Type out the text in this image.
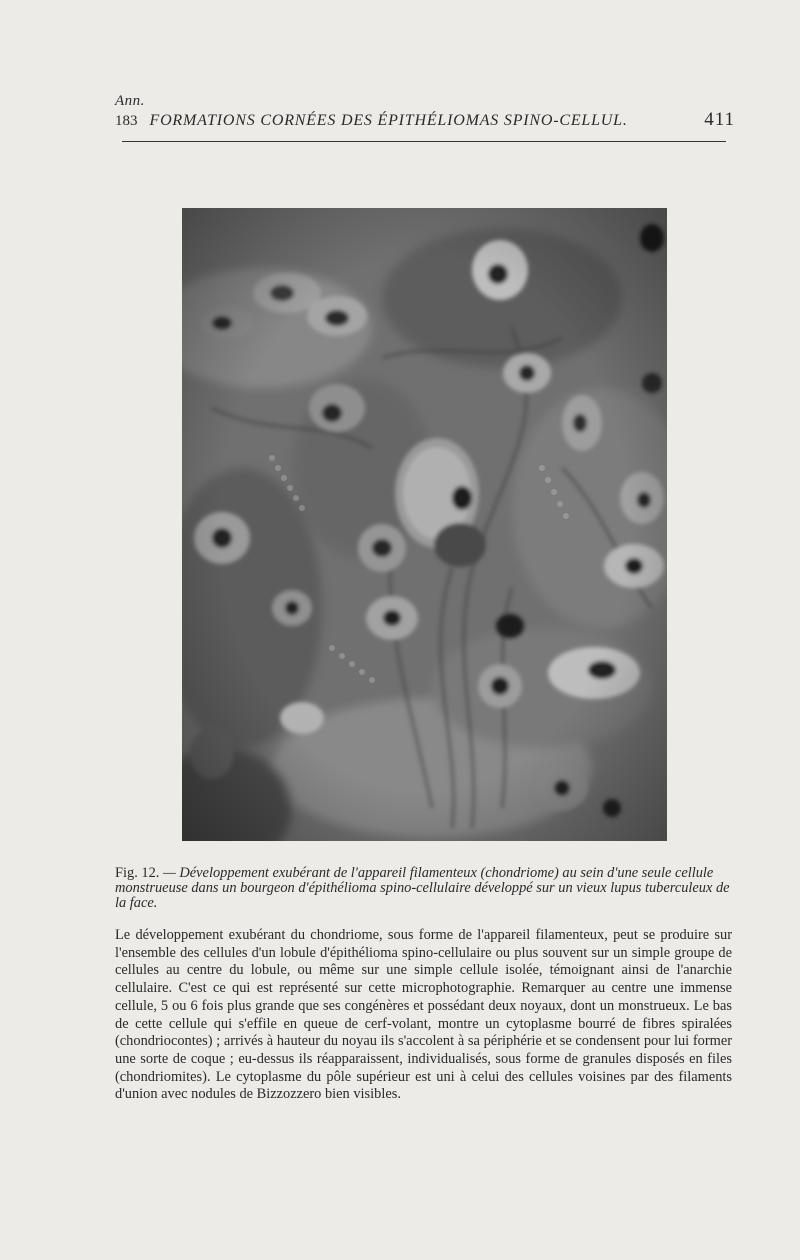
Ann.
183 FORMATIONS CORNÉES DES ÉPITHÉLIOMAS SPINO-CELLUL.	411
Fig. 12. — Développement exubérant de l'appareil filamenteux (chondriome) au sein d'une seule cellule monstrueuse dans un bourgeon d'épithélioma spino-cellulaire développé sur un vieux lupus tuberculeux de la face.

Le développement exubérant du chondriome, sous forme de l'appareil filamenteux, peut se produire sur l'ensemble des cellules d'un lobule d'épithélioma spino-cellulaire ou plus souvent sur un simple groupe de cellules au centre du lobule, ou même sur une simple cellule isolée, témoignant ainsi de l'anarchie cellulaire. C'est ce qui est représenté sur cette microphotographie. Remarquer au centre une immense cellule, 5 ou 6 fois plus grande que ses congénères et possédant deux noyaux, dont un monstrueux. Le bas de cette cellule qui s'effile en queue de cerf-volant, montre un cytoplasme bourré de fibres spiralées (chondriocontes) ; arrivés à hauteur du noyau ils s'accolent à sa périphérie et se condensent pour lui former une sorte de coque ; eu-dessus ils réapparaissent, individualisés, sous forme de granules disposés en files (chondriomites). Le cytoplasme du pôle supérieur est uni à celui des cellules voisines par des filaments d'union avec nodules de Bizzozzero bien visibles.
